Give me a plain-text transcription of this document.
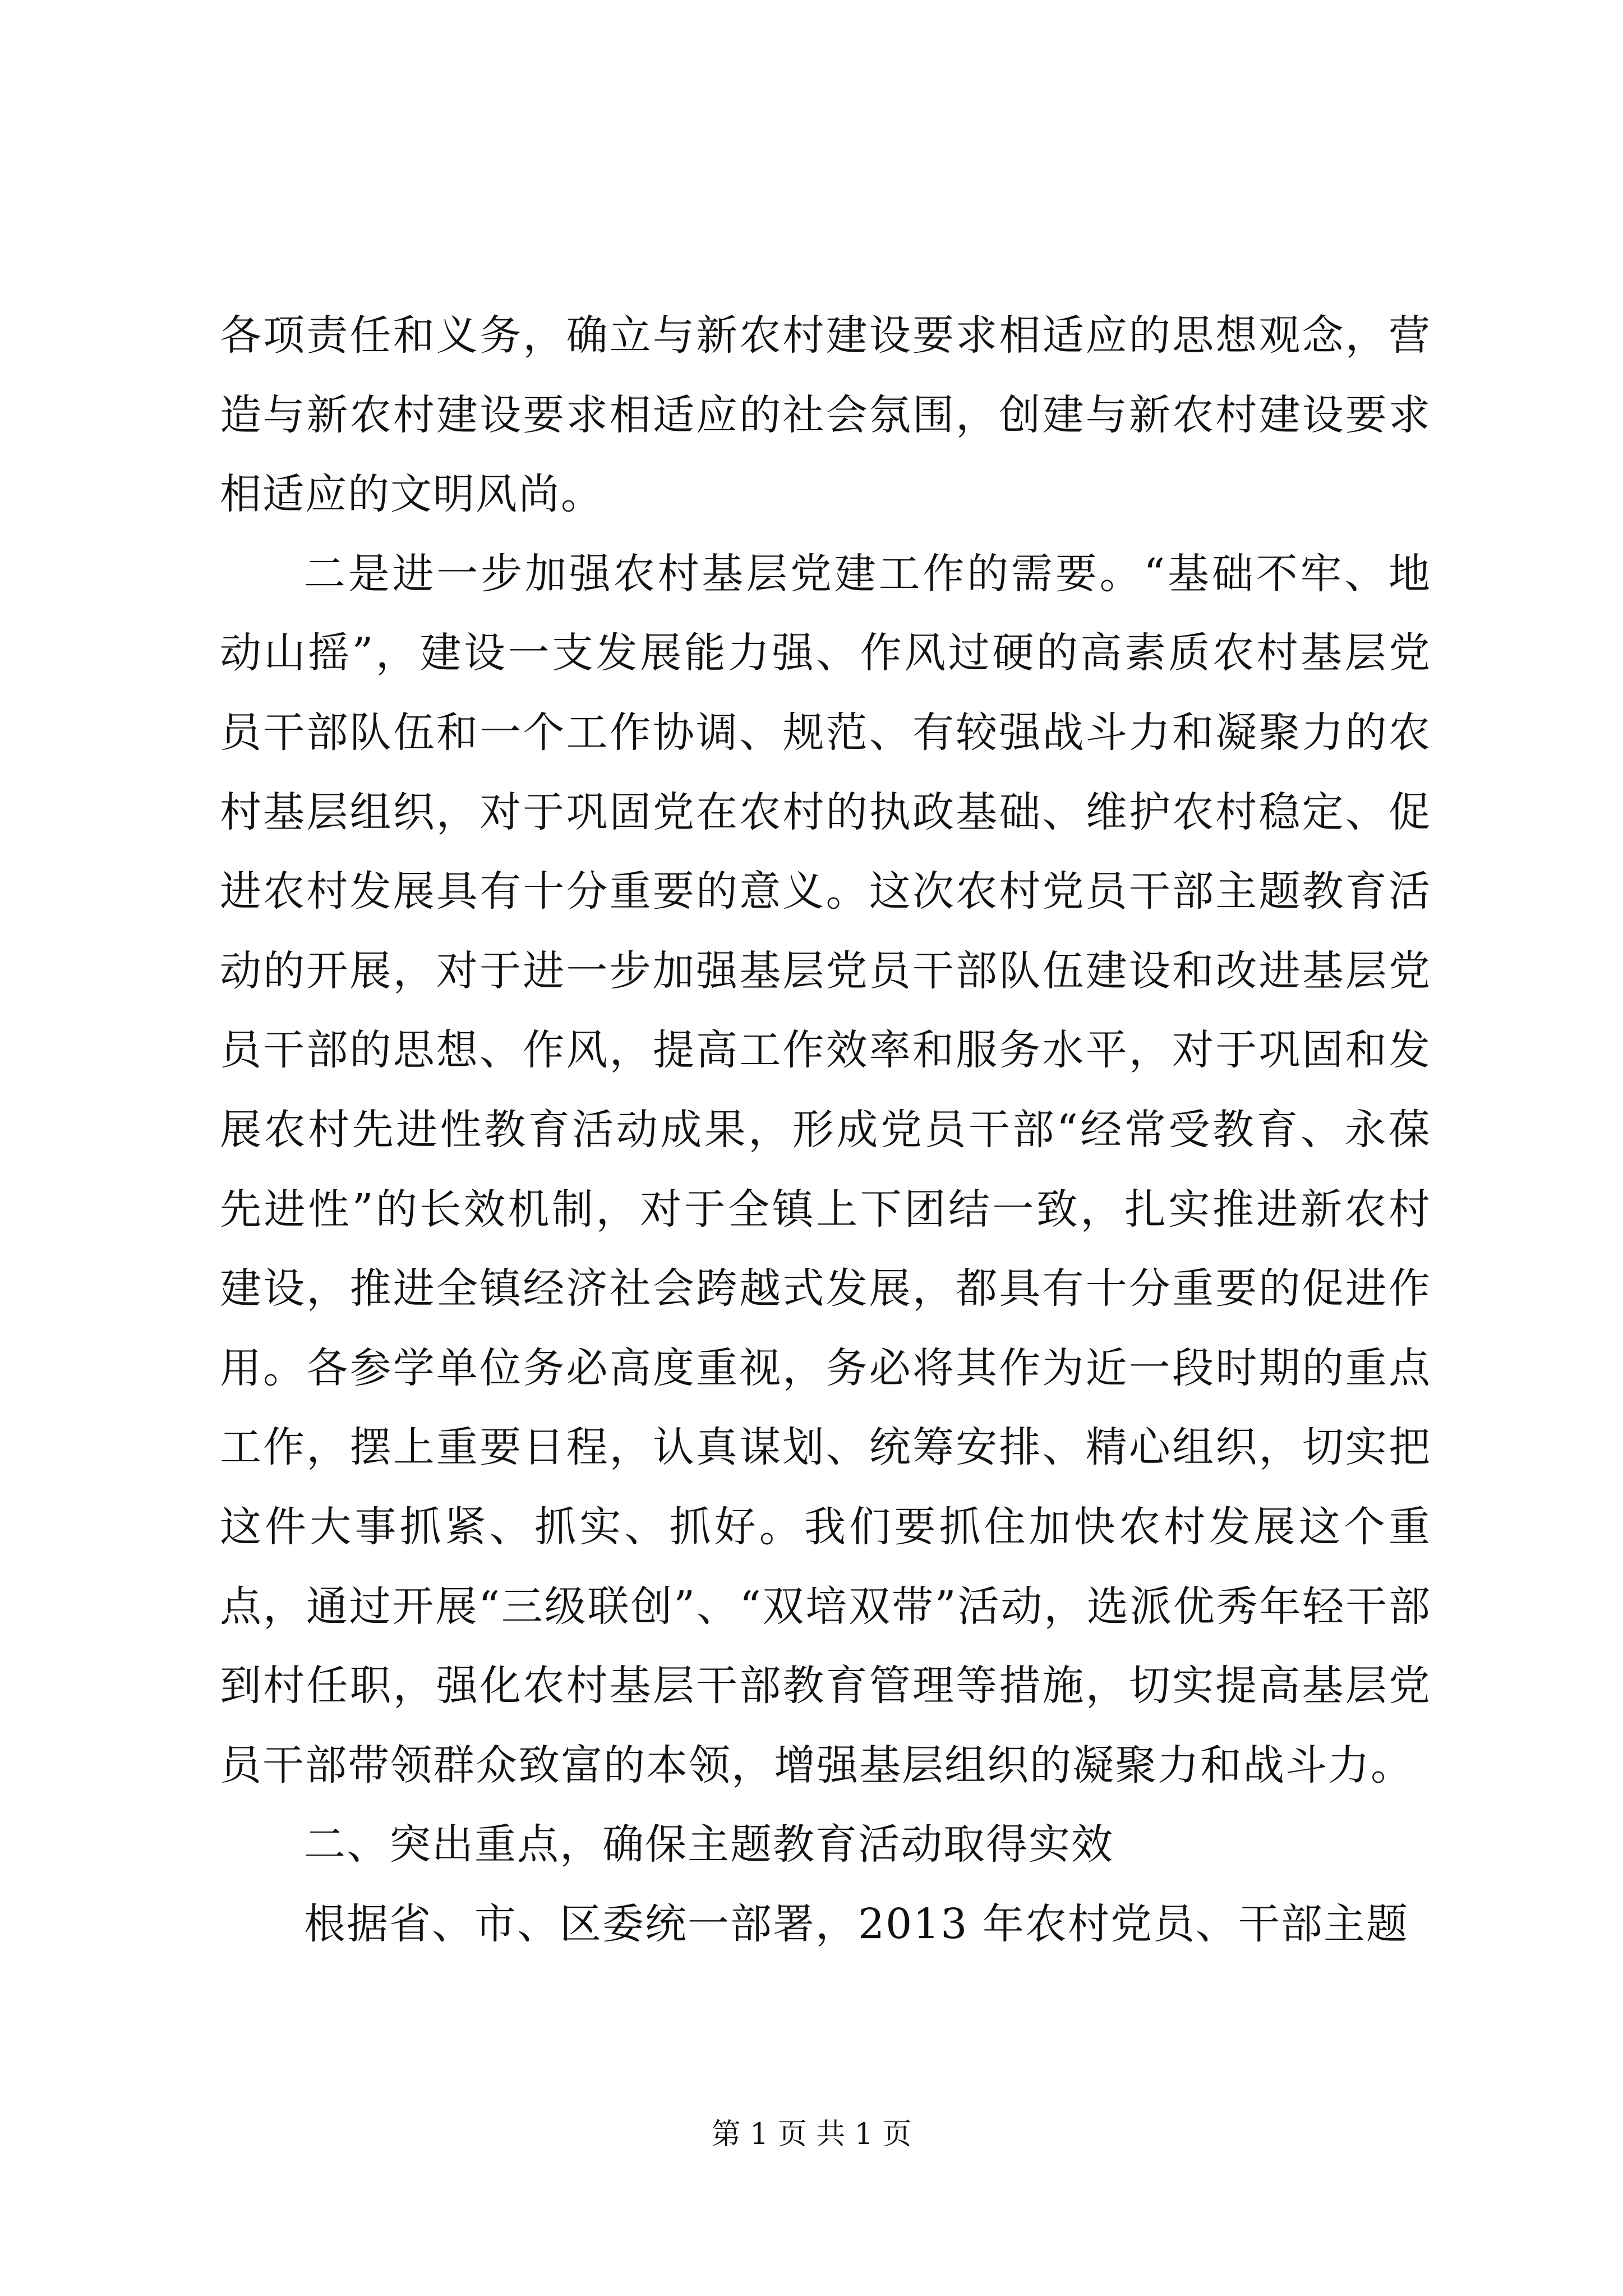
各项责任和义务，确立与新农村建设要求相适应的思想观念，营造与新农村建设要求相适应的社会氛围，创建与新农村建设要求相适应的文明风尚。

二是进一步加强农村基层党建工作的需要。“基础不牢、地动山摇”，建设一支发展能力强、作风过硬的高素质农村基层党员干部队伍和一个工作协调、规范、有较强战斗力和凝聚力的农村基层组织，对于巩固党在农村的执政基础、维护农村稳定、促进农村发展具有十分重要的意义。这次农村党员干部主题教育活动的开展，对于进一步加强基层党员干部队伍建设和改进基层党员干部的思想、作风，提高工作效率和服务水平，对于巩固和发展农村先进性教育活动成果，形成党员干部“经常受教育、永葆先进性”的长效机制，对于全镇上下团结一致，扎实推进新农村建设，推进全镇经济社会跨越式发展，都具有十分重要的促进作用。各参学单位务必高度重视，务必将其作为近一段时期的重点工作，摆上重要日程，认真谋划、统筹安排、精心组织，切实把这件大事抓紧、抓实、抓好。我们要抓住加快农村发展这个重点，通过开展“三级联创”、“双培双带”活动，选派优秀年轻干部到村任职，强化农村基层干部教育管理等措施，切实提高基层党员干部带领群众致富的本领，增强基层组织的凝聚力和战斗力。

二、突出重点，确保主题教育活动取得实效

根据省、市、区委统一部署，2013 年农村党员、干部主题

第 1 页 共 1 页
